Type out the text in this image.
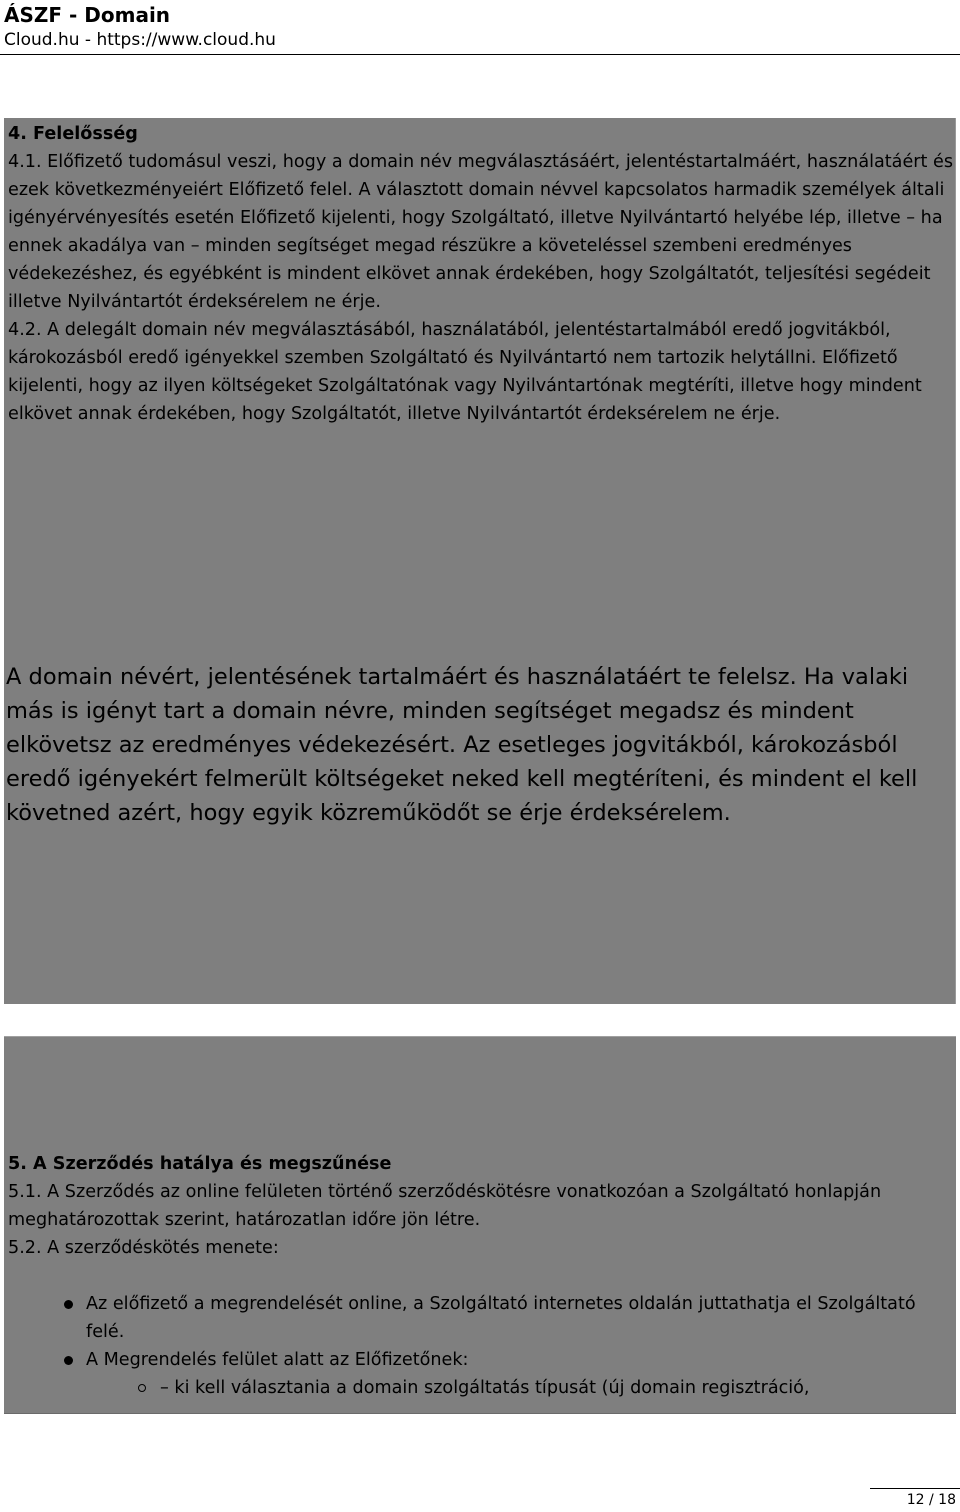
ÁSZF - Domain
Cloud.hu - https://www.cloud.hu
4. Felelősség
4.1. Előfizető tudomásul veszi, hogy a domain név megválasztásáért, jelentéstartalmáért, használatáért és ezek következményeiért Előfizető felel. A választott domain névvel kapcsolatos harmadik személyek általi igényérvényesítés esetén Előfizető kijelenti, hogy Szolgáltató, illetve Nyilvántartó helyébe lép, illetve – ha ennek akadálya van – minden segítséget megad részükre a követeléssel szembeni eredményes védekezéshez, és egyébként is mindent elkövet annak érdekében, hogy Szolgáltatót, teljesítési segédeit illetve Nyilvántartót érdeksérelem ne érje.
4.2. A delegált domain név megválasztásából, használatából, jelentéstartalmából eredő jogvitákból, károkozásból eredő igényekkel szemben Szolgáltató és Nyilvántartó nem tartozik helytállni. Előfizető kijelenti, hogy az ilyen költségeket Szolgáltatónak vagy Nyilvántartónak megtéríti, illetve hogy mindent elkövet annak érdekében, hogy Szolgáltatót, illetve Nyilvántartót érdeksérelem ne érje.
A domain névért, jelentésének tartalmáért és használatáért te felelsz. Ha valaki más is igényt tart a domain névre, minden segítséget megadsz és mindent elkövetsz az eredményes védekezésért. Az esetleges jogvitákból, károkozásból eredő igényekért felmerült költségeket neked kell megtéríteni, és mindent el kell követned azért, hogy egyik közreműködőt se érje érdeksérelem.
5. A Szerződés hatálya és megszűnése
5.1. A Szerződés az online felületen történő szerződéskötésre vonatkozóan a Szolgáltató honlapján meghatározottak szerint, határozatlan időre jön létre.
5.2. A szerződéskötés menete:
Az előfizető a megrendelését online, a Szolgáltató internetes oldalán juttathatja el Szolgáltató felé.
A Megrendelés felület alatt az Előfizetőnek:
– ki kell választania a domain szolgáltatás típusát (új domain regisztráció,
12 / 18
